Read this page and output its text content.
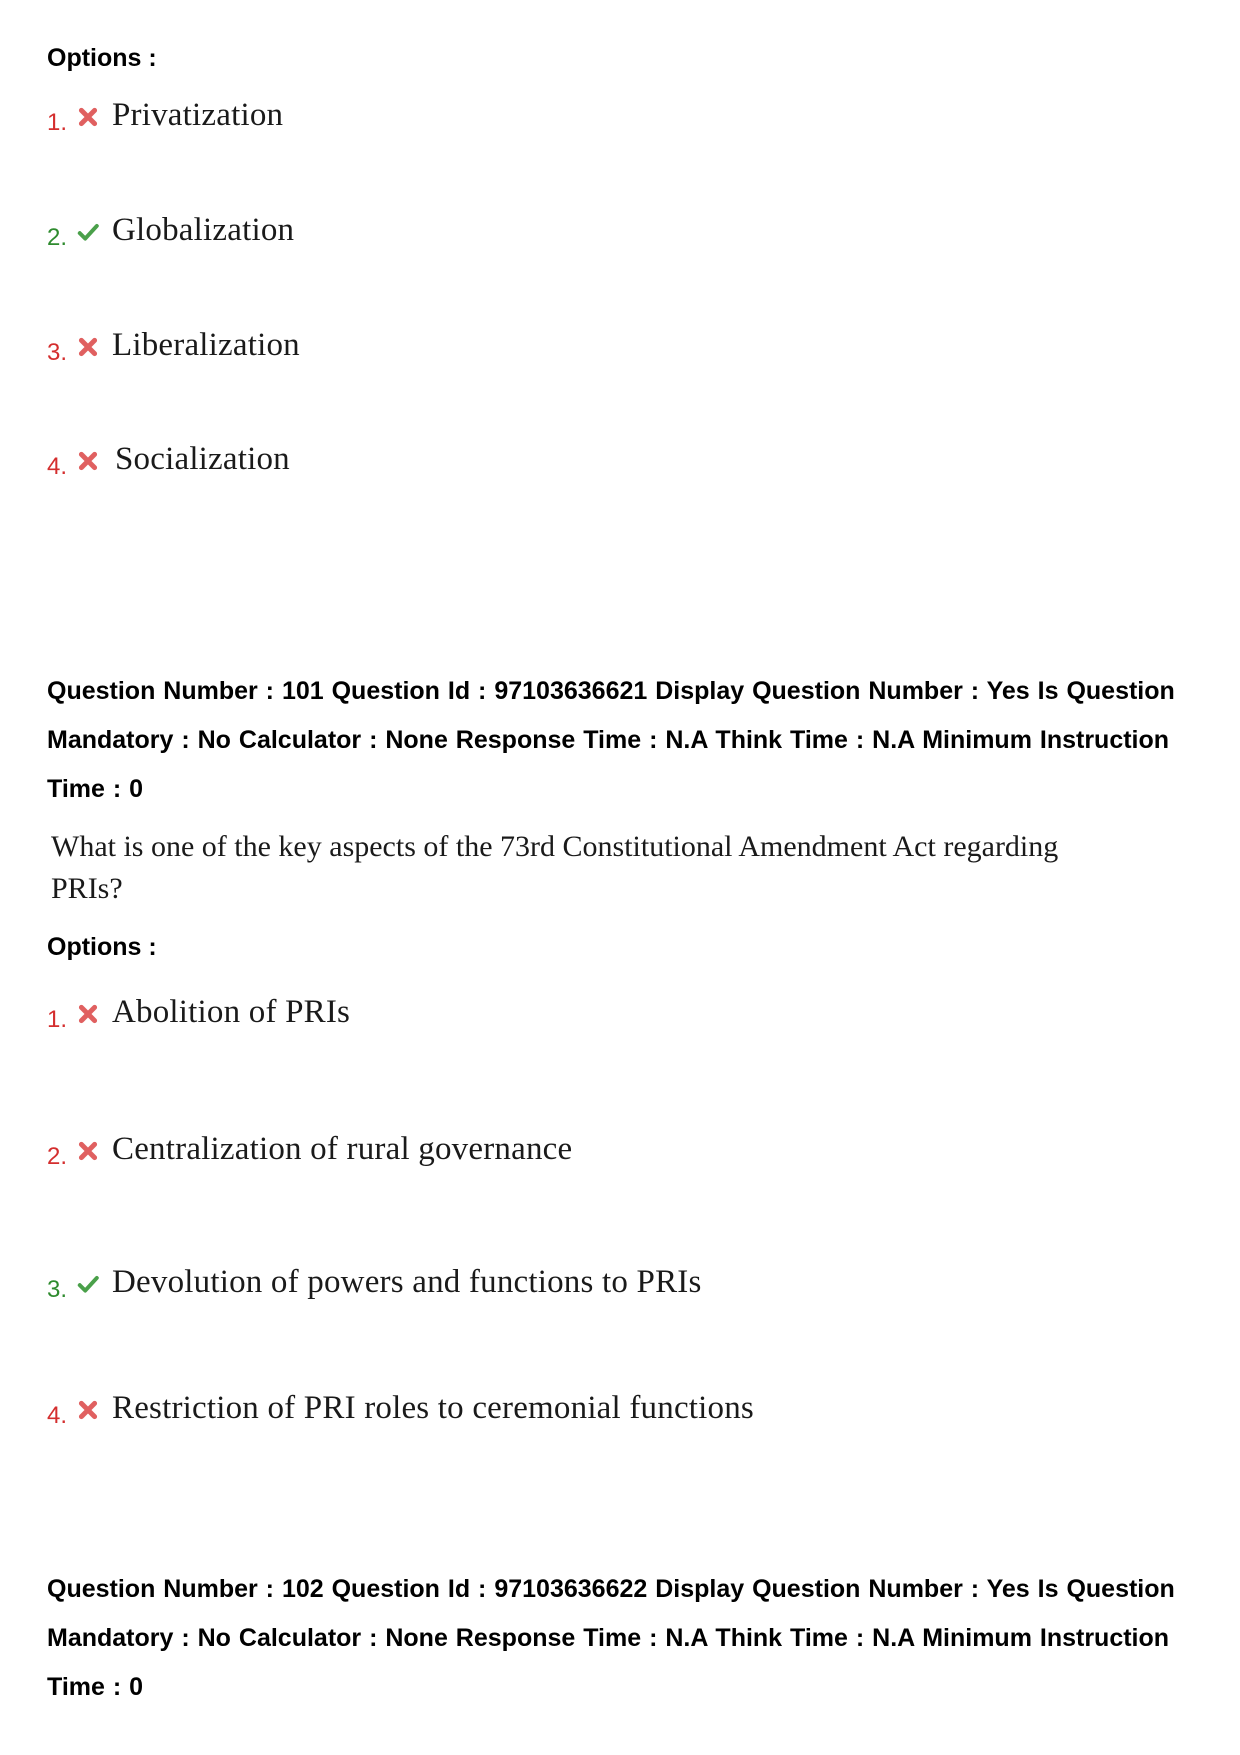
Options :
1. Privatization
2. Globalization
3. Liberalization
4. Socialization
Question Number : 101 Question Id : 97103636621 Display Question Number : Yes Is Question
Mandatory : No Calculator : None Response Time : N.A Think Time : N.A Minimum Instruction
Time : 0
What is one of the key aspects of the 73rd Constitutional Amendment Act regarding
PRIs?
Options :
1. Abolition of PRIs
2. Centralization of rural governance
3. Devolution of powers and functions to PRIs
4. Restriction of PRI roles to ceremonial functions
Question Number : 102 Question Id : 97103636622 Display Question Number : Yes Is Question
Mandatory : No Calculator : None Response Time : N.A Think Time : N.A Minimum Instruction
Time : 0
